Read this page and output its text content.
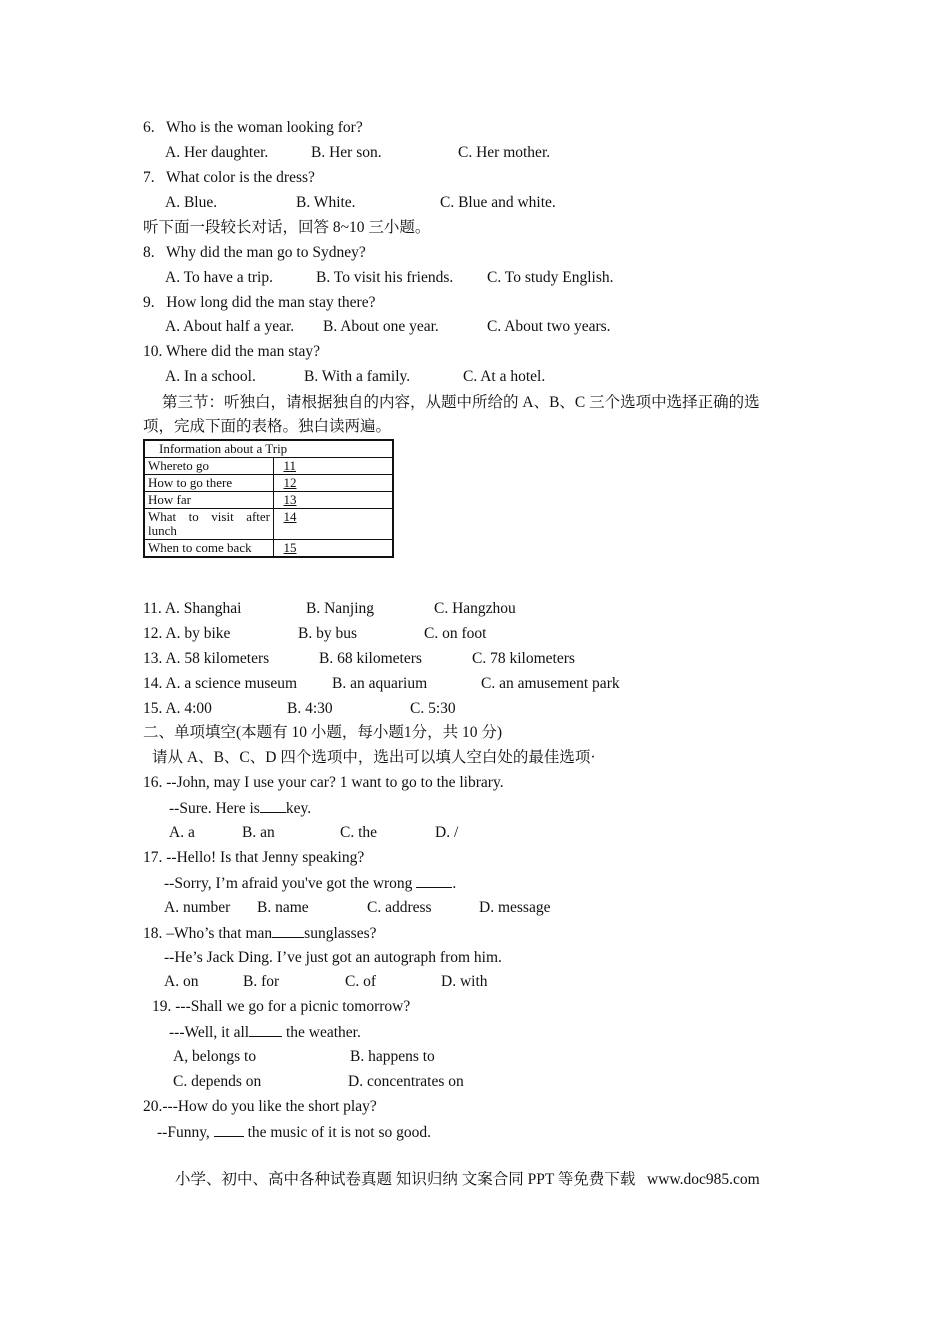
6.   Who is the woman looking for?
A. Her daughter.	B. Her son.	C. Her mother.
7.   What color is the dress?
A. Blue.	B. White.	C. Blue and white.
听下面一段较长对话，回答 8~10 三小题。
8.   Why did the man go to Sydney?
A. To have a trip.	B. To visit his friends. C. To study English.
9.   How long did the man stay there?
A. About half a year. B. About one year.	C. About two years.
10. Where did the man stay?
A. In a school.	B. With a family.	C. At a hotel.
第三节：听独白，请根据独自的内容，从题中所给的 A、B、C 三个选项中选择正确的选
项，完成下面的表格。独白读两遍。
Information about a Trip	
Whereto go	11
How to go there	12
How far	13
What to visit after lunch	14
When to come back	15
11. A. Shanghai	B. Nanjing	C. Hangzhou
12. A. by bike	B. by bus	C. on foot
13. A. 58 kilometers	B. 68 kilometers	C. 78 kilometers
14. A. a science museum B. an aquarium	C. an amusement park
15. A. 4:00	B. 4:30	C. 5:30
二、单项填空(本题有 10 小题，每小题1分，共 10 分)
请从 A、B、C、D 四个选项中，选出可以填人空白处的最佳选项·
16. --John, may I use your car? 1 want to go to the library.
--Sure. Here is key.
A. a	B. an	C. the	D. /
17. --Hello! Is that Jenny speaking?
--Sorry, I’m afraid you've got the wrong .
A. number B. name	C. address	D. message
18. –Who’s that man sunglasses?
--He’s Jack Ding. I’ve just got an autograph from him.
A. on	B. for	C. of	D. with
19. ---Shall we go for a picnic tomorrow?
---Well, it all the weather.
A, belongs to	B. happens to
C. depends on	D. concentrates on
20.---How do you like the short play?
--Funny,  the music of it is not so good.
小学、初中、高中各种试卷真题 知识归纳 文案合同 PPT 等免费下载   www.doc985.com
